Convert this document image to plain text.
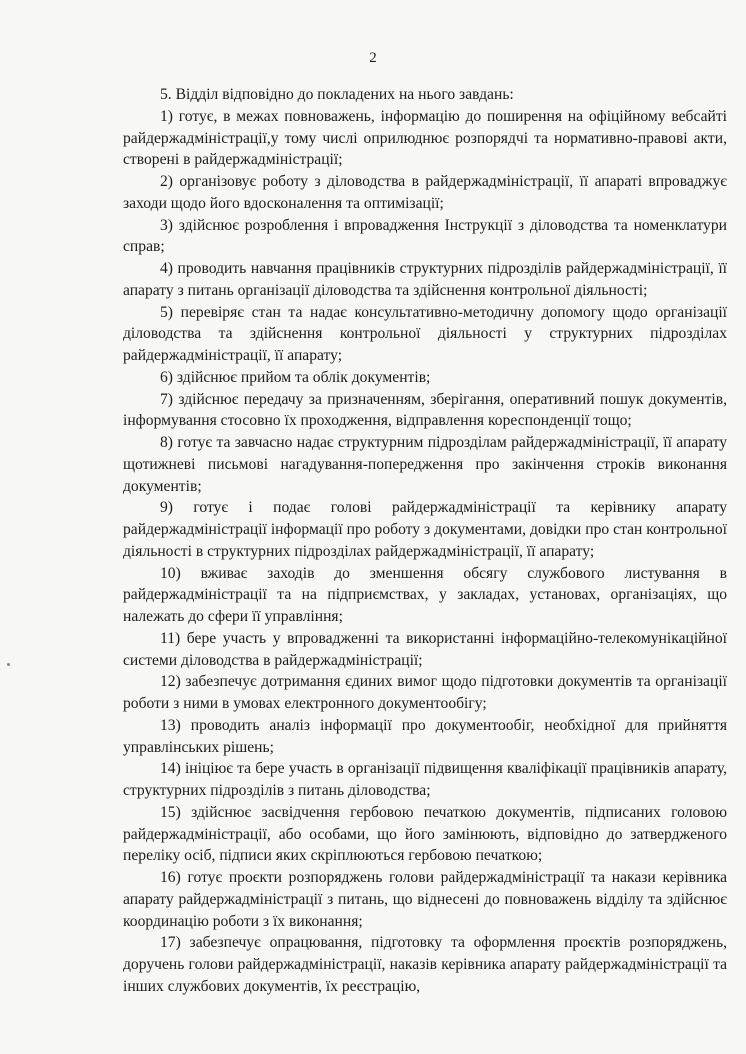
2

5. Відділ відповідно до покладених на нього завдань:

1) готує, в межах повноважень, інформацію до поширення на офіційному вебсайті райдержадміністрації,у тому числі оприлюднює розпорядчі та нормативно-правові акти, створені в райдержадміністрації;

2) організовує роботу з діловодства в райдержадміністрації, її апараті впроваджує заходи щодо його вдосконалення та оптимізації;

3) здійснює розроблення і впровадження Інструкції з діловодства та номенклатури справ;

4) проводить навчання працівників структурних підрозділів райдержадміністрації, її апарату з питань організації діловодства та здійснення контрольної діяльності;

5) перевіряє стан та надає консультативно-методичну допомогу щодо організації діловодства та здійснення контрольної діяльності у структурних підрозділах райдержадміністрації, її апарату;

6) здійснює прийом та облік документів;

7) здійснює передачу за призначенням, зберігання, оперативний пошук документів, інформування стосовно їх проходження, відправлення кореспонденції тощо;

8) готує та завчасно надає структурним підрозділам райдержадміністрації, її апарату щотижневі письмові нагадування-попередження про закінчення строків виконання документів;

9) готує і подає голові райдержадміністрації та керівнику апарату райдержадміністрації інформації про роботу з документами, довідки про стан контрольної діяльності в структурних підрозділах райдержадміністрації, її апарату;

10) вживає заходів до зменшення обсягу службового листування в райдержадміністрації та на підприємствах, у закладах, установах, організаціях, що належать до сфери її управління;

11) бере участь у впровадженні та використанні інформаційно-телекомунікаційної системи діловодства в райдержадміністрації;

12) забезпечує дотримання єдиних вимог щодо підготовки документів та організації роботи з ними в умовах електронного документообігу;

13) проводить аналіз інформації про документообіг, необхідної для прийняття управлінських рішень;

14) ініціює та бере участь в організації підвищення кваліфікації працівників апарату, структурних підрозділів з питань діловодства;

15) здійснює засвідчення гербовою печаткою документів, підписаних головою райдержадміністрації, або особами, що його замінюють, відповідно до затвердженого переліку осіб, підписи яких скріплюються гербовою печаткою;

16) готує проєкти розпоряджень голови райдержадміністрації та накази керівника апарату райдержадміністрації з питань, що віднесені до повноважень відділу та здійснює координацію роботи з їх виконання;

17) забезпечує опрацювання, підготовку та оформлення проєктів розпоряджень, доручень голови райдержадміністрації, наказів керівника апарату райдержадміністрації та інших службових документів, їх реєстрацію,
